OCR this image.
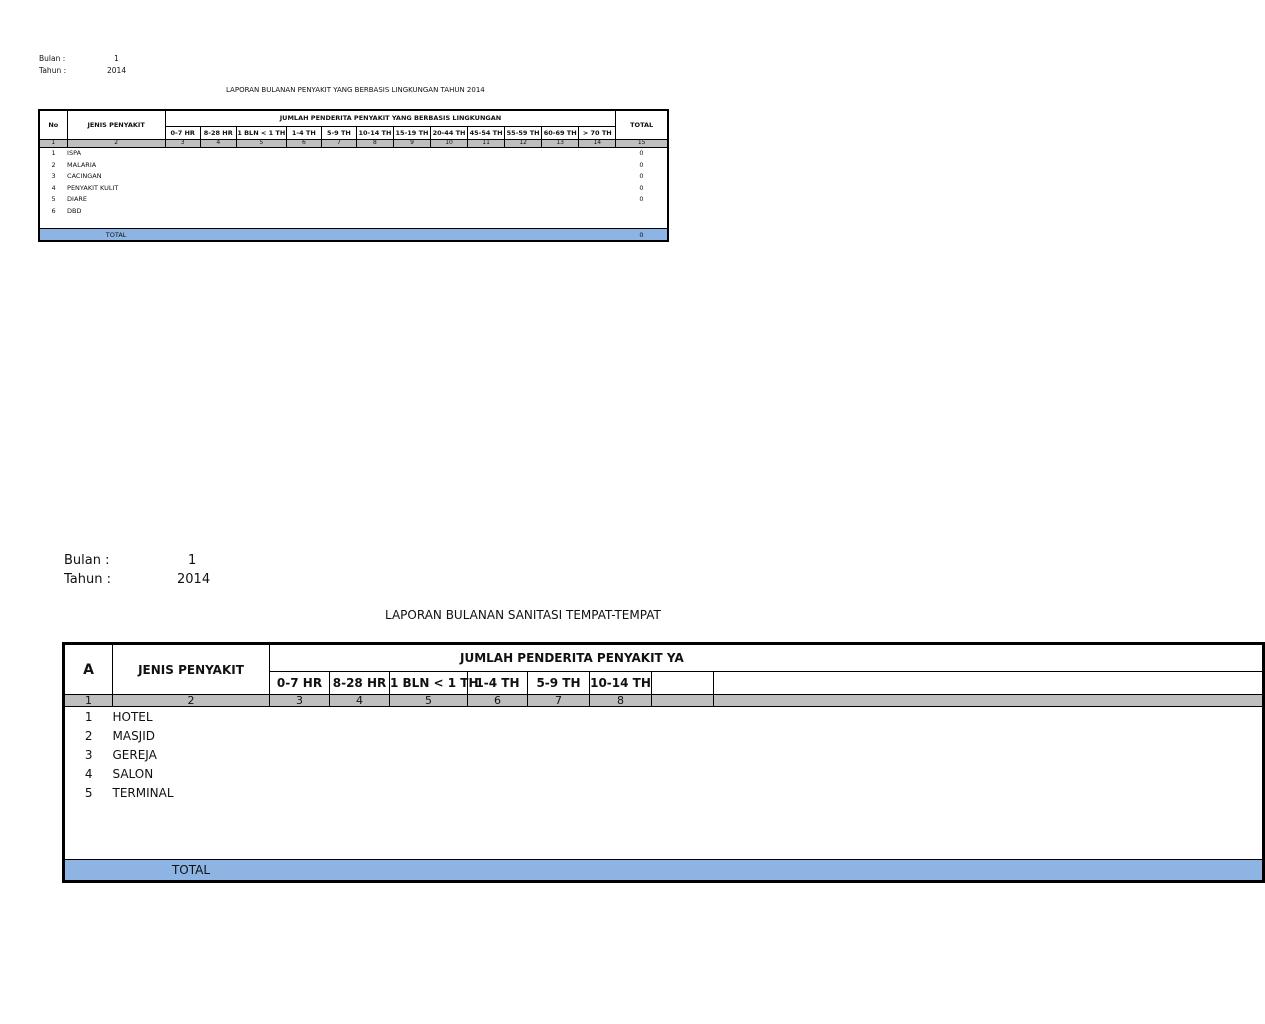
Bulan :	1
Tahun :	2014
LAPORAN BULANAN PENYAKIT YANG BERBASIS LINGKUNGAN TAHUN 2014
No	JENIS PENYAKIT	JUMLAH PENDERITA PENYAKIT YANG BERBASIS LINGKUNGAN												TOTAL
		0-7 HR	8-28 HR	1 BLN < 1 TH	1-4 TH	5-9 TH	10-14 TH	15-19 TH	20-44 TH	45-54 TH	55-59 TH	60-69 TH	> 70 TH	
1	2	3	4	5	6	7	8	9	10	11	12	13	14	15
1	ISPA													0
2	MALARIA													0
3	CACINGAN													0
4	PENYAKIT KULIT													0
5	DIARE													0
6	DBD													

	TOTAL													0
Bulan :	1
Tahun :	2014
LAPORAN BULANAN SANITASI TEMPAT-TEMPAT
A	JENIS PENYAKIT	JUMLAH PENDERITA PENYAKIT YA							
		0-7 HR	8-28 HR	1 BLN < 1 TH	1-4 TH	5-9 TH	10-14 TH		
1	2	3	4	5	6	7	8		
1	HOTEL								
2	MASJID								
3	GEREJA								
4	SALON								
5	TERMINAL								

	TOTAL								
